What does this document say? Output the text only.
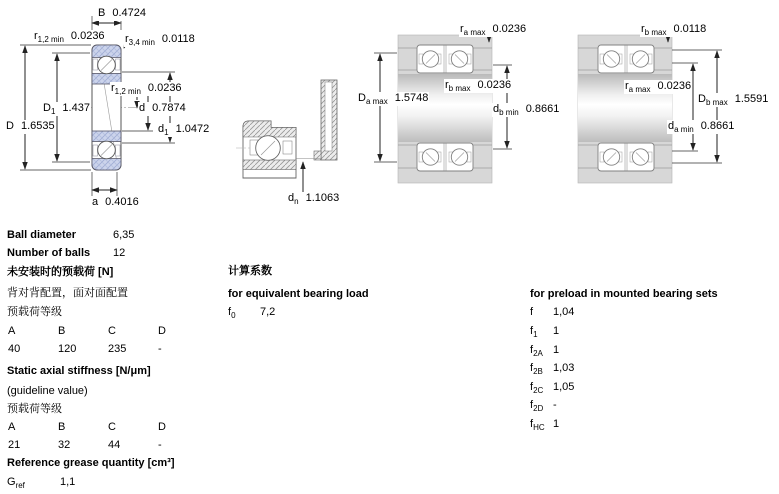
B 0.4724
$r_{1,2 min}$ 0.0236 $r_{3,4 min}$ 0.0118
$r_{1,2 min}$ 0.0236
$D_1$ 1.437	d 0.7874
D 1.6535	$d_1$ 1.0472
a 0.4016	$d_n$ 1.1063
$r_{a max}$ 0.0236
$D_{a max}$ 1.5748
$r_{b max}$ 0.0236
$d_{b min}$ 0.8661
$r_{b max}$ 0.0118
$r_{a max}$ 0.0236
$D_{b max}$ 1.5591
$d_{a min}$ 0.8661
Ball diameter	6,35
Number of balls 12
未安装时的预载荷 [N]
背对背配置，面对面配置
预载荷等级
A	B	C	D
40	120	235	-
Static axial stiffness [N/μm]
(guideline value)
预载荷等级
A	B	C	D
21	32	44	-
Reference grease quantity [cm³]
$G_{ref}$	1,1
计算系数
for equivalent bearing load
$f_0$ 7,2
for preload in mounted bearing sets
f 1,04
$f_1$ 1
$f_{2A}$ 1
$f_{2B}$ 1,03
$f_{2C}$ 1,05
$f_{2D}$ -
$f_{HC}$ 1
